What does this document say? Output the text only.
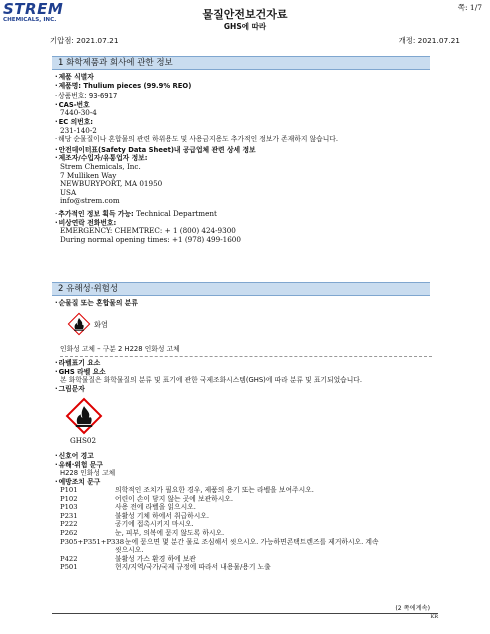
STREM
CHEMICALS, INC.
쪽: 1/7
물질안전보건자료
GHS에 따라
기압점: 2021.07.21	개정: 2021.07.21
1 화학제품과 회사에 관한 정보
· 제품 식별자
· 제품명: Thulium pieces (99.9% REO)
· 상품번호: 93-6917
· CAS-번호
7440-30-4
· EC 의번호:
231-140-2
· 해당 순물질이나 혼합물의 관련 하위용도 및 사용금지용도 추가적인 정보가 존재하지 않습니다.
· 안전데이터표(Safety Data Sheet)내 공급업체 관련 상세 정보
· 제조자/수입자/유통업자 정보:
Strem Chemicals, Inc.
7 Mulliken Way
NEWBURYPORT, MA 01950
USA
info@strem.com
· 추가적인 정보 획득 가능: Technical Department
· 비상연락 전화번호:
EMERGENCY: CHEMTREC: + 1 (800) 424-9300
During normal opening times: +1 (978) 499-1600
2 유해성·위험성
· 순물질 또는 혼합물의 분류
화염
인화성 고체 – 구분 2 H228 인화성 고체
· 라벨표기 요소
· GHS 라벨 요소
본 화학물질은 화학물질의 분류 및 표기에 관한 국제조화시스템(GHS)에 따라 분류 및 표기되었습니다.
· 그림문자
GHS02
· 신호어 경고
· 유해·위험 문구
H228 인화성 고체
· 예방조치 문구
P101	의학적인 조치가 필요한 경우, 제품의 용기 또는 라벨을 보여주시오.
P102	어린이 손이 닿지 않는 곳에 보관하시오.
P103	사용 전에 라벨을 읽으시오.
P231	불활성 기체 하에서 취급하시오.
P222	공기에 접촉시키지 마시오.
P262	눈, 피부, 의복에 묻지 않도록 하시오.
P305+P351+P338 눈에 묻으면 몇 분간 물로 조심해서 씻으시오. 가능하면콘택트렌즈를 제거하시오. 계속
씻으시오.
P422	불활성 가스 환경 하에 보관
P501	현지/지역/국가/국제 규정에 따라서 내용물/용기 노출
(2 쪽에계속)
KR
